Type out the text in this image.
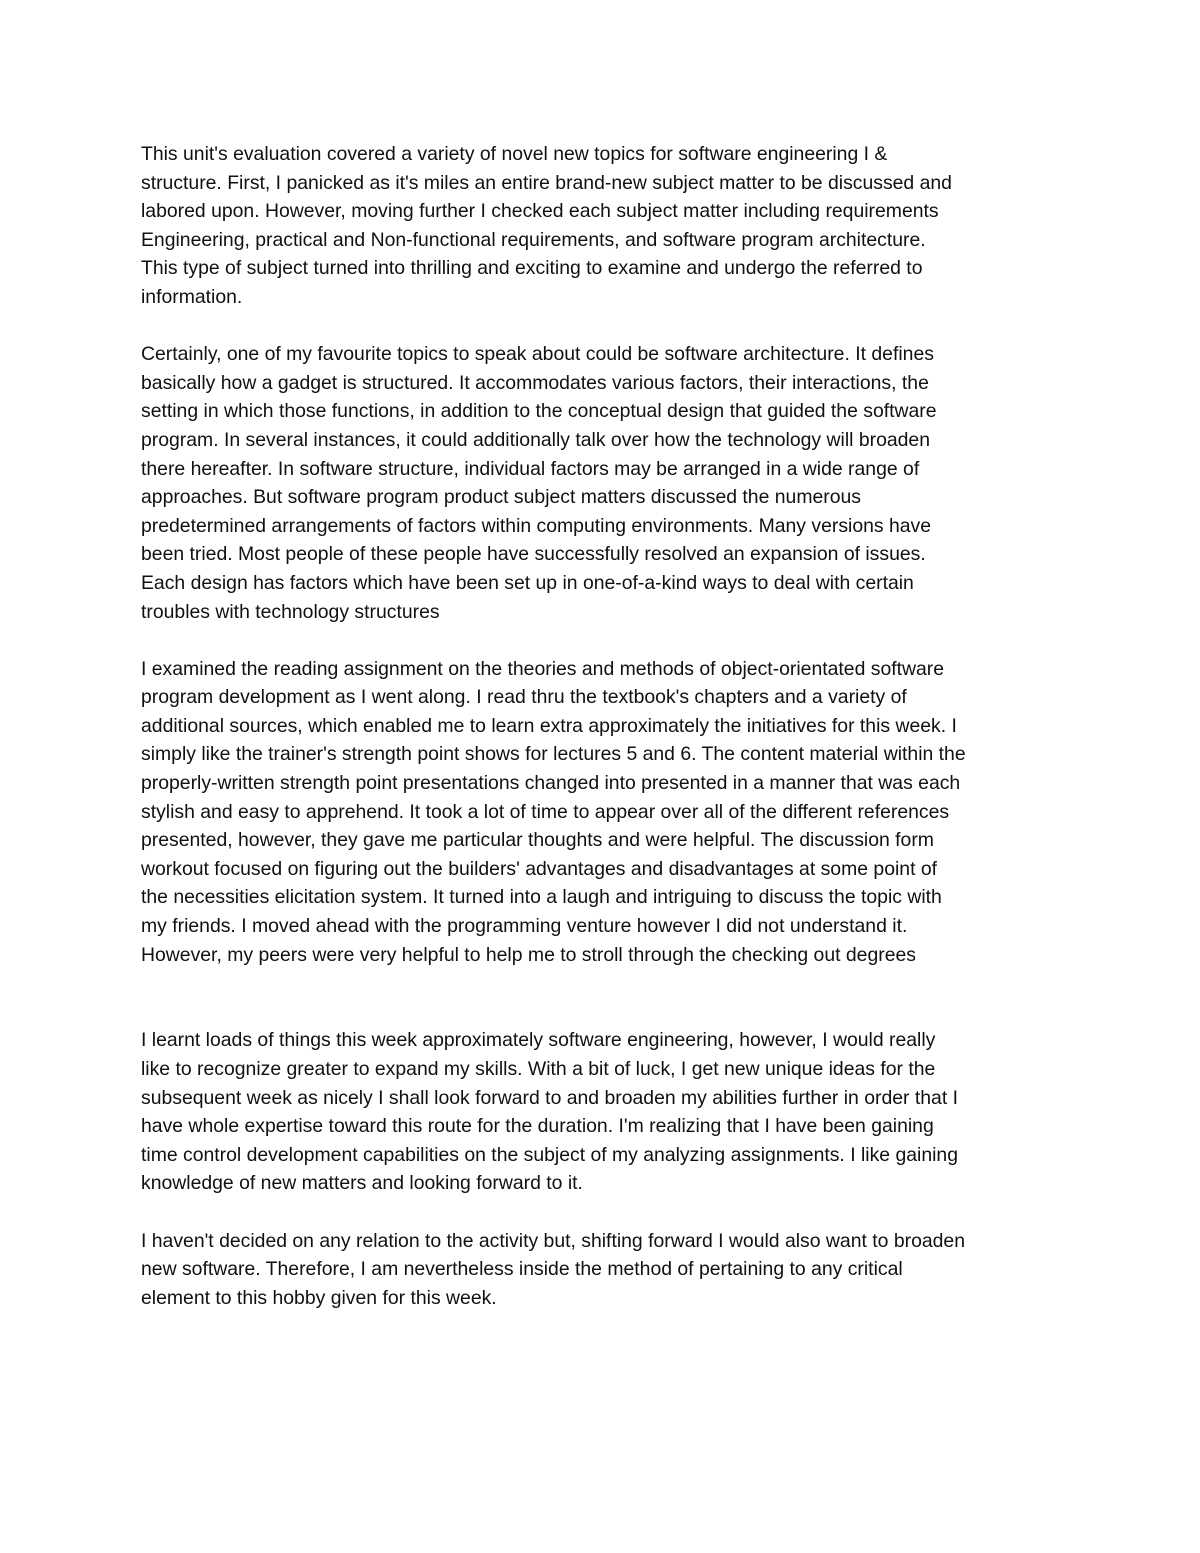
This unit's evaluation covered a variety of novel new topics for software engineering I &
structure. First, I panicked as it's miles an entire brand-new subject matter to be discussed and
labored upon. However, moving further I checked each subject matter including requirements
Engineering, practical and Non-functional requirements, and software program architecture.
This type of subject turned into thrilling and exciting to examine and undergo the referred to
information.

Certainly, one of my favourite topics to speak about could be software architecture. It defines
basically how a gadget is structured. It accommodates various factors, their interactions, the
setting in which those functions, in addition to the conceptual design that guided the software
program. In several instances, it could additionally talk over how the technology will broaden
there hereafter. In software structure, individual factors may be arranged in a wide range of
approaches. But software program product subject matters discussed the numerous
predetermined arrangements of factors within computing environments. Many versions have
been tried. Most people of these people have successfully resolved an expansion of issues.
Each design has factors which have been set up in one-of-a-kind ways to deal with certain
troubles with technology structures

I examined the reading assignment on the theories and methods of object-orientated software
program development as I went along. I read thru the textbook's chapters and a variety of
additional sources, which enabled me to learn extra approximately the initiatives for this week. I
simply like the trainer's strength point shows for lectures 5 and 6. The content material within the
properly-written strength point presentations changed into presented in a manner that was each
stylish and easy to apprehend. It took a lot of time to appear over all of the different references
presented, however, they gave me particular thoughts and were helpful. The discussion form
workout focused on figuring out the builders' advantages and disadvantages at some point of
the necessities elicitation system. It turned into a laugh and intriguing to discuss the topic with
my friends. I moved ahead with the programming venture however I did not understand it.
However, my peers were very helpful to help me to stroll through the checking out degrees

I learnt loads of things this week approximately software engineering, however, I would really
like to recognize greater to expand my skills. With a bit of luck, I get new unique ideas for the
subsequent week as nicely I shall look forward to and broaden my abilities further in order that I
have whole expertise toward this route for the duration. I'm realizing that I have been gaining
time control development capabilities on the subject of my analyzing assignments. I like gaining
knowledge of new matters and looking forward to it.

I haven't decided on any relation to the activity but, shifting forward I would also want to broaden
new software. Therefore, I am nevertheless inside the method of pertaining to any critical
element to this hobby given for this week.
